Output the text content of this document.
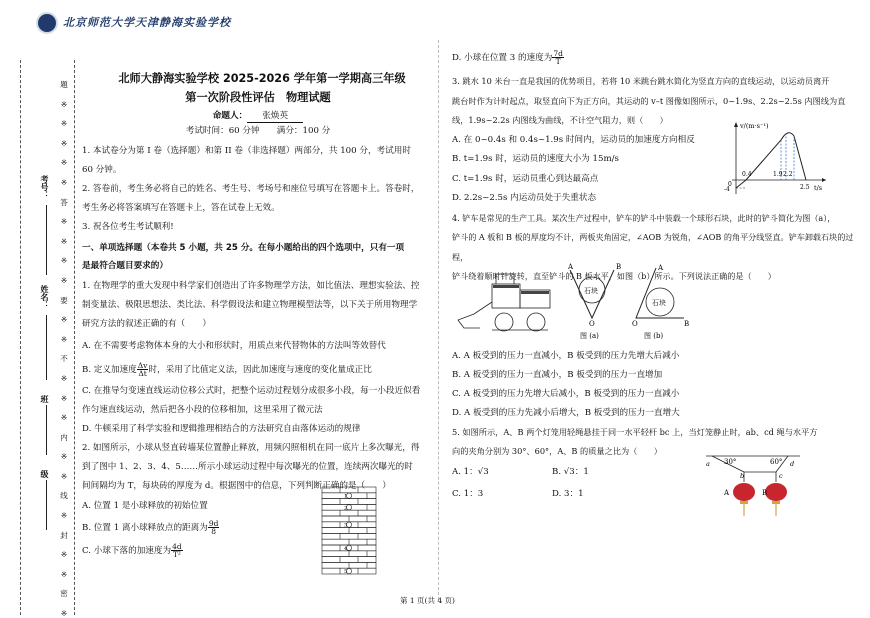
考号：
姓名：
班
级
題
※
※
※
※
※
答
※
※
※
※
要
※
※
不
※
※
※
内
※
※
线
※
封
※
※
密
※
北京师范大学天津静海实验学校
北师大静海实验学校 2025-2026 学年第一学期高三年级
第一次阶段性评估　物理试题
命题人： 张焕英
考试时间：60 分钟　　满分：100 分
1. 本试卷分为第 I 卷（选择题）和第 II 卷（非选择题）两部分，共 100 分，考试用时
60 分钟。
2. 答卷前，考生务必将自己的姓名、考生号、考场号和座位号填写在答题卡上。答卷时，
考生务必将答案填写在答题卡上，答在试卷上无效。
3. 祝各位考生考试顺利!
一、单项选择题（本卷共 5 小题，共 25 分。在每小题给出的四个选项中，只有一项
是最符合题目要求的）
1. 在物理学的重大发现中科学家们创造出了许多物理学方法，如比值法、理想实验法、控
制变量法、极限思想法、类比法、科学假设法和建立物理模型法等，以下关于所用物理学
研究方法的叙述正确的有（　　）
A. 在不需要考虑物体本身的大小和形状时，用质点来代替物体的方法叫等效替代
B. 定义加速度 $\frac{\Delta v}{\Delta t}$ 时，采用了比值定义法，因此加速度与速度的变化量成正比
C. 在推导匀变速直线运动位移公式时，把整个运动过程划分成很多小段，每一小段近似看
作匀速直线运动，然后把各小段的位移相加，这里采用了微元法
D. 牛顿采用了科学实验和逻辑推理相结合的方法研究自由落体运动的规律
2. 如图所示，小球从竖直砖墙某位置静止释放，用频闪照相机在同一底片上多次曝光，得
到了图中 1、2、3、4、5……所示小球运动过程中每次曝光的位置，连续两次曝光的时
间间隔均为 T，每块砖的厚度为 d。根据图中的信息，下列判断正确的是（　　）
A. 位置 1 是小球释放的初始位置
B. 位置 1 离小球释放点的距离为 $\frac{9d}{8}$
C. 小球下落的加速度为 $\frac{4d}{\text{T²}}$
1
2
3
4
5
D. 小球在位置 3 的速度为 $\frac{7d}{T}$
3. 跳水 10 米台一直是我国的优势项目，若将 10 米跳台跳水简化为竖直方向的直线运动，以运动员离开
跳台时作为计时起点，取竖直向下为正方向，其运动的 v–t 图像如图所示，0~1.9s、2.2s~2.5s 内图线为直
线，1.9s~2.2s 内图线为曲线，不计空气阻力，则（　　）
A. 在 0~0.4s 和 0.4s~1.9s 时间内，运动员的加速度方向相反
B. t=1.9s 时，运动员的速度大小为 15m/s
C. t=1.9s 时，运动员重心到达最高点
D. 2.2s~2.5s 内运动员处于失重状态
4. 铲车是常见的生产工具。某次生产过程中，铲车的铲斗中装载一个球形石块，此时的铲斗简化为图（a），
铲斗的 A 板和 B 板的厚度均不计，两板夹角固定，∠AOB 为锐角，∠AOB 的角平分线竖直。铲车卸载石块的过程，
铲斗绕着顺时针旋转，直至铲斗的 B 板水平，如图（b）所示。下列说法正确的是（　　）
v/(m·s⁻¹)
t/s
0.4	1.9 2.2
2.5
-4
0
石块
A	B
O
图 (a)
石块
A
B
O
图 (b)
A. A 板受到的压力一直减小，B 板受到的压力先增大后减小
B. A 板受到的压力一直减小，B 板受到的压力一直增加
C. A 板受到的压力先增大后减小，B 板受到的压力一直减小
D. A 板受到的压力先减小后增大，B 板受到的压力一直增大
5. 如图所示，A、B 两个灯笼用轻绳悬挂于同一水平轻杆 bc 上，当灯笼静止时，ab、cd 绳与水平方
向的夹角分别为 30°、60°，A、B 的质量之比为（　　）
A. 1：√3	B. √3：1
C. 1：3	D. 3：1
30°	60°
a
b	c
d
A	B
第 1 页(共 4 页)
